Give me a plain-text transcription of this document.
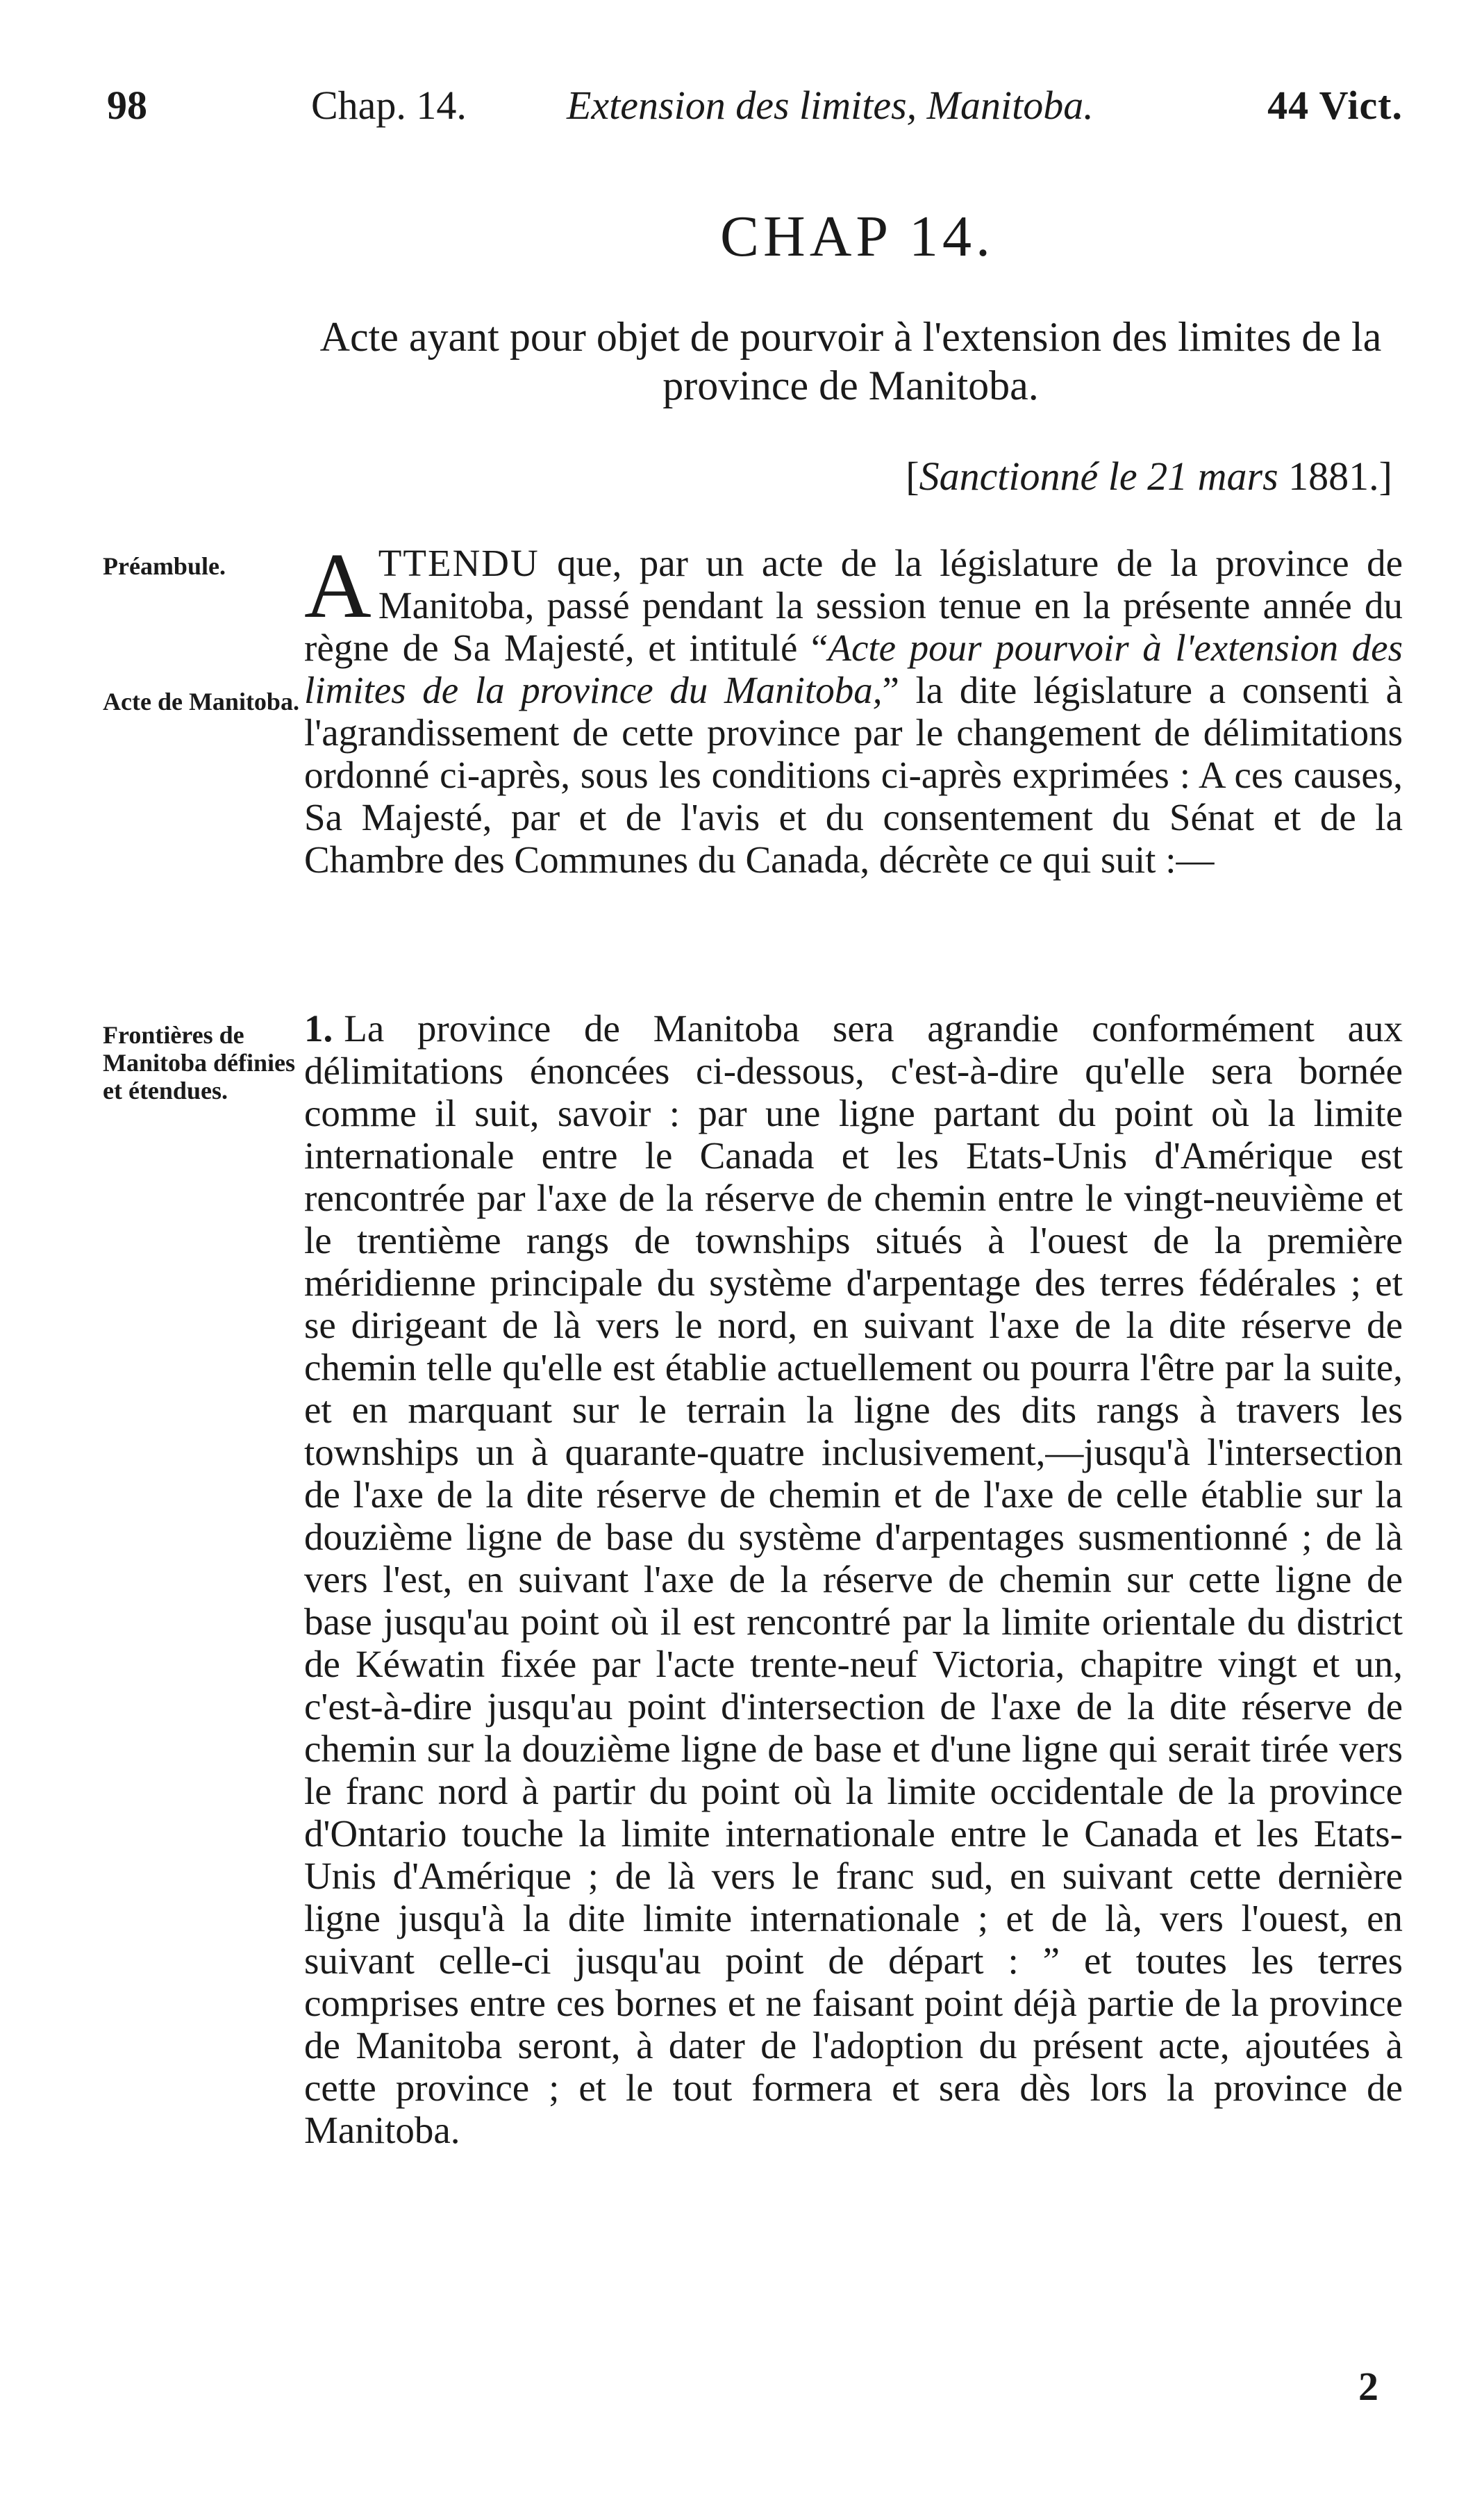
98	Chap. 14. Extension des limites, Manitoba.	44 Vict.
CHAP 14.
Acte ayant pour objet de pourvoir à l'extension des limites de la province de Manitoba.
[Sanctionné le 21 mars 1881.]
Préambule.
Acte de Manitoba.
Frontières de Manitoba définies et étendues.
ATTENDU que, par un acte de la législature de la province de Manitoba, passé pendant la session tenue en la présente année du règne de Sa Majesté, et intitulé “Acte pour pourvoir à l'extension des limites de la province du Manitoba,” la dite législature a consenti à l'agrandissement de cette province par le changement de délimitations ordonné ci-après, sous les conditions ci-après exprimées : A ces causes, Sa Majesté, par et de l'avis et du consentement du Sénat et de la Chambre des Communes du Canada, décrète ce qui suit :—
1. La province de Manitoba sera agrandie conformément aux délimitations énoncées ci-dessous, c'est-à-dire qu'elle sera bornée comme il suit, savoir : par une ligne partant du point où la limite internationale entre le Canada et les Etats-Unis d'Amérique est rencontrée par l'axe de la réserve de chemin entre le vingt-neuvième et le trentième rangs de townships situés à l'ouest de la première méridienne principale du système d'arpentage des terres fédérales ; et se dirigeant de là vers le nord, en suivant l'axe de la dite réserve de chemin telle qu'elle est établie actuellement ou pourra l'être par la suite, et en marquant sur le terrain la ligne des dits rangs à travers les townships un à quarante-quatre inclusivement,—jusqu'à l'intersection de l'axe de la dite réserve de chemin et de l'axe de celle établie sur la douzième ligne de base du système d'arpentages susmentionné ; de là vers l'est, en suivant l'axe de la réserve de chemin sur cette ligne de base jusqu'au point où il est rencontré par la limite orientale du district de Kéwatin fixée par l'acte trente-neuf Victoria, chapitre vingt et un, c'est-à-dire jusqu'au point d'intersection de l'axe de la dite réserve de chemin sur la douzième ligne de base et d'une ligne qui serait tirée vers le franc nord à partir du point où la limite occidentale de la province d'Ontario touche la limite internationale entre le Canada et les Etats-Unis d'Amérique ; de là vers le franc sud, en suivant cette dernière ligne jusqu'à la dite limite internationale ; et de là, vers l'ouest, en suivant celle-ci jusqu'au point de départ : ” et toutes les terres comprises entre ces bornes et ne faisant point déjà partie de la province de Manitoba seront, à dater de l'adoption du présent acte, ajoutées à cette province ; et le tout formera et sera dès lors la province de Manitoba.
2
